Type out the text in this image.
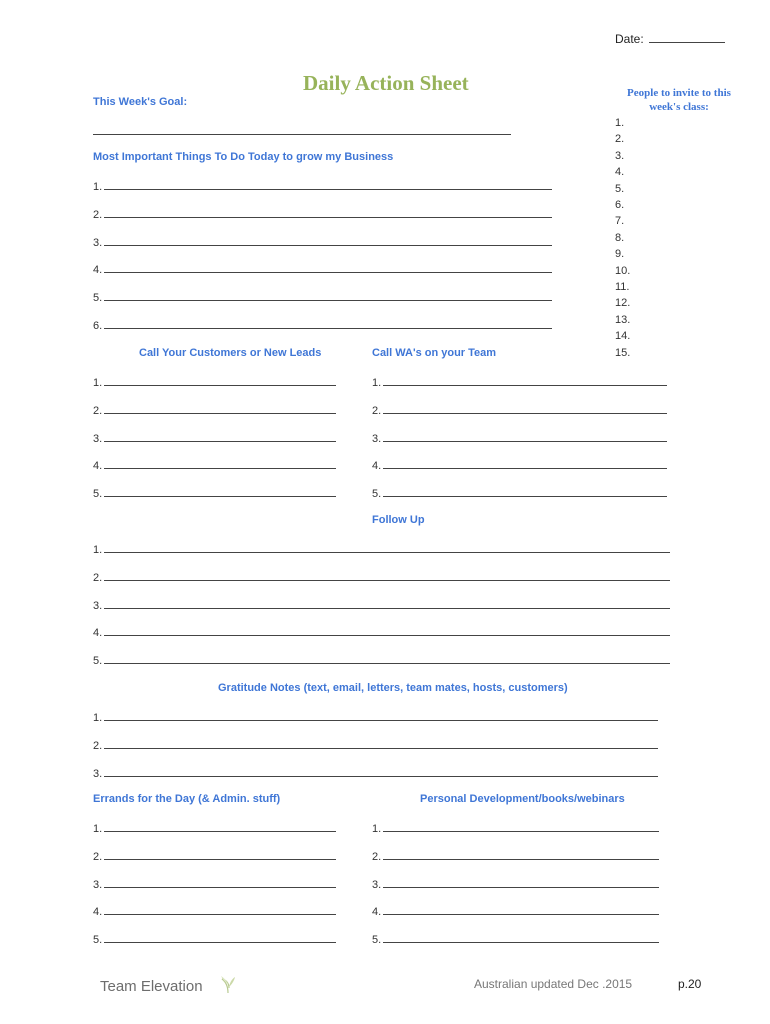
Date:
Daily Action Sheet
This Week's Goal:
People to invite to this week's class:
1.
2.
3.
4.
5.
6.
7.
8.
9.
10.
11.
12.
13.
14.
15.
Most Important Things To Do Today to grow my Business
1.
2.
3.
4.
5.
6.
Call Your Customers or New Leads	Call WA's on your Team
1.
2.
3.
4.
5.
1.
2.
3.
4.
5.
Follow Up
1.
2.
3.
4.
5.
Gratitude Notes (text, email, letters, team mates, hosts, customers)
1.
2.
3.
Errands for the Day (& Admin. stuff)	Personal Development/books/webinars
1.
2.
3.
4.
5.
1.
2.
3.
4.
5.
Team Elevation	Australian updated Dec .2015	p.20
